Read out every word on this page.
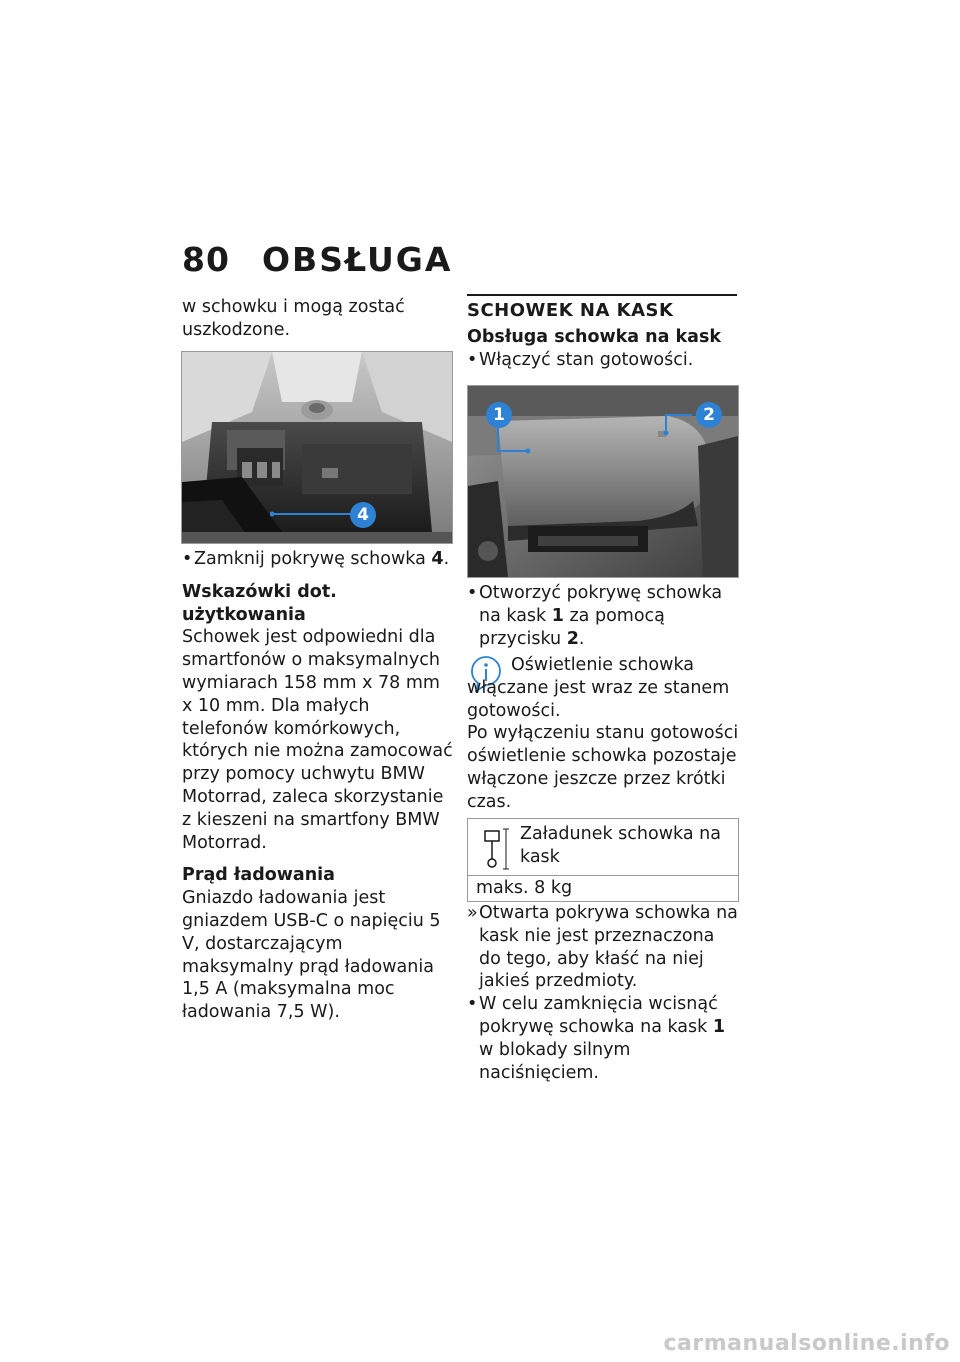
80 OBSŁUGA

w schowku i mogą zostać uszkodzone.

4

• Zamknij pokrywę schowka 4.

Wskazówki dot. użytkowania

Schowek jest odpowiedni dla smartfonów o maksymalnych wymiarach 158 mm x 78 mm x 10 mm. Dla małych telefonów komórkowych, których nie można zamocować przy pomocy uchwytu BMW Motorrad, zaleca skorzystanie z kieszeni na smartfony BMW Motorrad.

Prąd ładowania

Gniazdo ładowania jest gniazdem USB-C o napięciu 5 V, dostarczającym maksymalny prąd ładowania 1,5 A (maksymalna moc ładowania 7,5 W).

SCHOWEK NA KASK

Obsługa schowka na kask

• Włączyć stan gotowości.

1	2

• Otworzyć pokrywę schowka na kask 1 za pomocą przycisku 2.

Oświetlenie schowka włączane jest wraz ze stanem gotowości.

Po wyłączeniu stanu gotowości oświetlenie schowka pozostaje włączone jeszcze przez krótki czas.

Załadunek schowka na kask
maks. 8 kg

» Otwarta pokrywa schowka na kask nie jest przeznaczona do tego, aby kłaść na niej jakieś przedmioty.

• W celu zamknięcia wcisnąć pokrywę schowka na kask 1 w blokady silnym naciśnięciem.

carmanualsonline.info
